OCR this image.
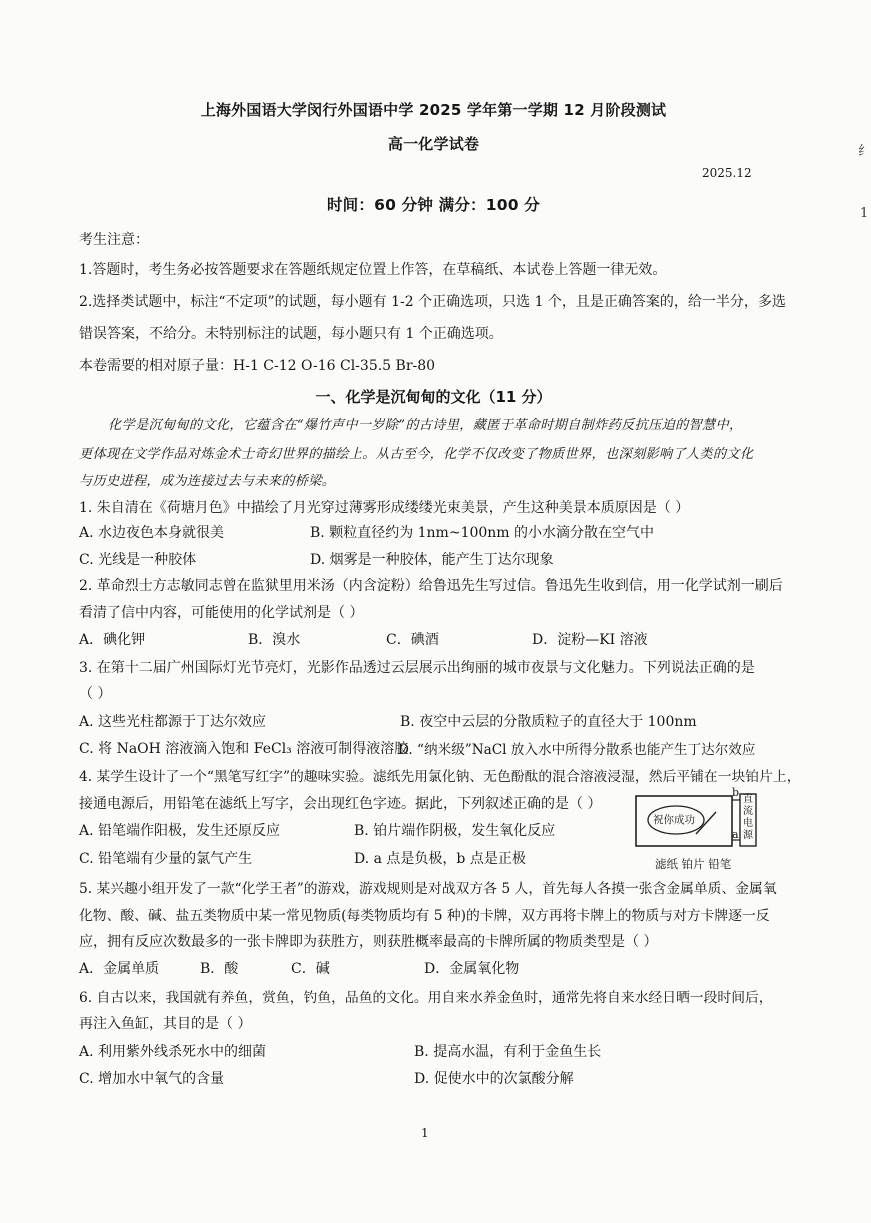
上海外国语大学闵行外国语中学 2025 学年第一学期 12 月阶段测试
高一化学试卷
2025.12
时间：60 分钟 满分：100 分
纟
1
考生注意：
1.答题时，考生务必按答题要求在答题纸规定位置上作答，在草稿纸、本试卷上答题一律无效。
2.选择类试题中，标注“不定项”的试题，每小题有 1-2 个正确选项，只选 1 个，且是正确答案的，给一半分，多选
错误答案，不给分。未特别标注的试题，每小题只有 1 个正确选项。
本卷需要的相对原子量：H-1 C-12 O-16 Cl-35.5 Br-80
一、化学是沉甸甸的文化（11 分）
化学是沉甸甸的文化，它蕴含在“爆竹声中一岁除”的古诗里，藏匿于革命时期自制炸药反抗压迫的智慧中，
更体现在文学作品对炼金术士奇幻世界的描绘上。从古至今，化学不仅改变了物质世界，也深刻影响了人类的文化
与历史进程，成为连接过去与未来的桥梁。
1. 朱自清在《荷塘月色》中描绘了月光穿过薄雾形成缕缕光束美景，产生这种美景本质原因是（ ）
A. 水边夜色本身就很美	B. 颗粒直径约为 1nm~100nm 的小水滴分散在空气中
C. 光线是一种胶体	D. 烟雾是一种胶体，能产生丁达尔现象
2. 革命烈士方志敏同志曾在监狱里用米汤（内含淀粉）给鲁迅先生写过信。鲁迅先生收到信，用一化学试剂一刷后
看清了信中内容，可能使用的化学试剂是（ ）
A．碘化钾	B．溴水	C．碘酒	D．淀粉—KI 溶液
3. 在第十二届广州国际灯光节亮灯，光影作品透过云层展示出绚丽的城市夜景与文化魅力。下列说法正确的是
（ ）
A. 这些光柱都源于丁达尔效应	B. 夜空中云层的分散质粒子的直径大于 100nm
C. 将 NaOH 溶液滴入饱和 FeCl₃ 溶液可制得液溶胶
D. “纳米级”NaCl 放入水中所得分散系也能产生丁达尔效应
4. 某学生设计了一个“黑笔写红字”的趣味实验。滤纸先用氯化钠、无色酚酞的混合溶液浸湿，然后平铺在一块铂片上，
接通电源后，用铅笔在滤纸上写字，会出现红色字迹。据此，下列叙述正确的是（ ）
A. 铅笔端作阳极，发生还原反应	B. 铂片端作阴极，发生氧化反应
C. 铅笔端有少量的氯气产生	D. a 点是负极，b 点是正极
祝你成功
b
a
直流电源
滤纸 铂片 铅笔
5. 某兴趣小组开发了一款“化学王者”的游戏，游戏规则是对战双方各 5 人，首先每人各摸一张含金属单质、金属氧
化物、酸、碱、盐五类物质中某一常见物质(每类物质均有 5 种)的卡牌，双方再将卡牌上的物质与对方卡牌逐一反
应，拥有反应次数最多的一张卡牌即为获胜方，则获胜概率最高的卡牌所属的物质类型是（ ）
A．金属单质	B．酸	C．碱	D．金属氧化物
6. 自古以来，我国就有养鱼，赏鱼，钓鱼，品鱼的文化。用自来水养金鱼时，通常先将自来水经日晒一段时间后，
再注入鱼缸，其目的是（ ）
A. 利用紫外线杀死水中的细菌	B. 提高水温，有利于金鱼生长
C. 增加水中氧气的含量	D. 促使水中的次氯酸分解
1
